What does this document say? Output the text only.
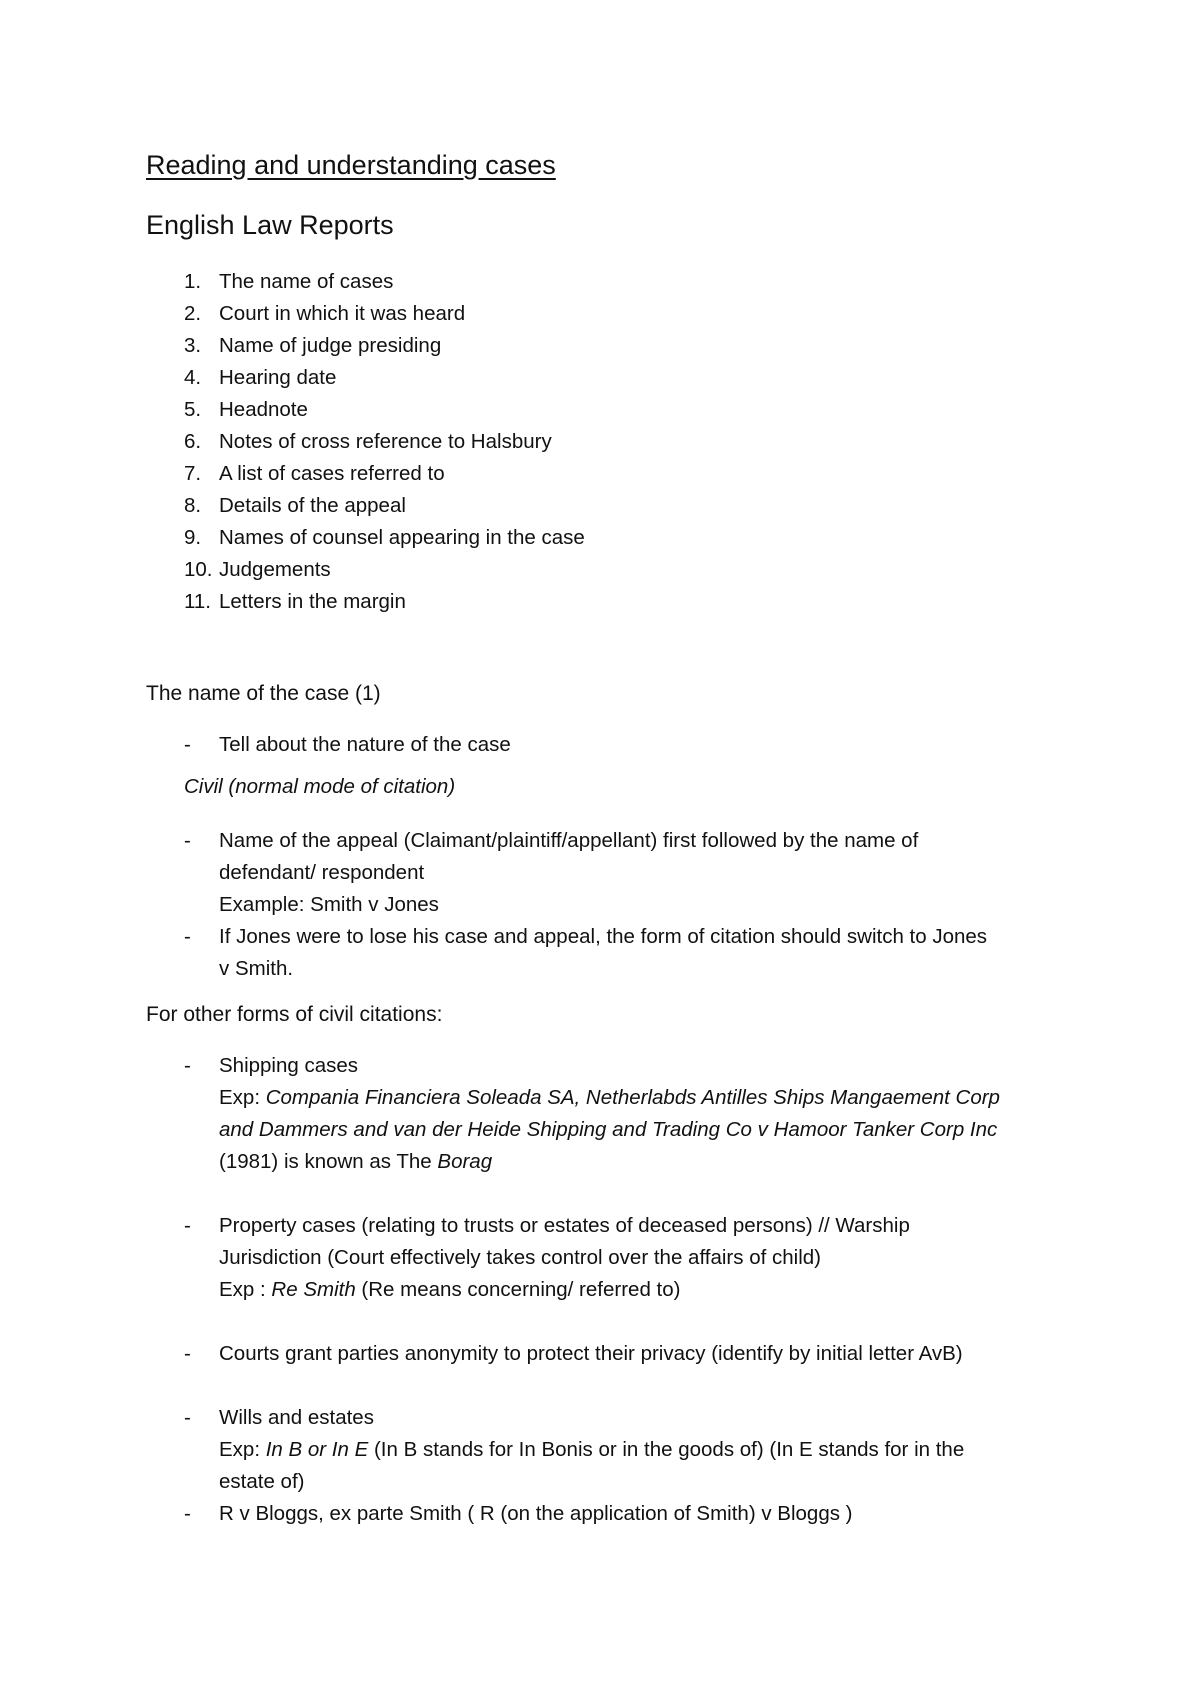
Reading and understanding cases
English Law Reports
1. The name of cases
2. Court in which it was heard
3. Name of judge presiding
4. Hearing date
5. Headnote
6. Notes of cross reference to Halsbury
7. A list of cases referred to
8. Details of the appeal
9. Names of counsel appearing in the case
10. Judgements
11. Letters in the margin
The name of the case (1)
- Tell about the nature of the case
Civil (normal mode of citation)
- Name of the appeal (Claimant/plaintiff/appellant) first followed by the name of
defendant/ respondent
Example: Smith v Jones
- If Jones were to lose his case and appeal, the form of citation should switch to Jones
v Smith.
For other forms of civil citations:
- Shipping cases
Exp: Compania Financiera Soleada SA, Netherlabds Antilles Ships Mangaement Corp
and Dammers and van der Heide Shipping and Trading Co v Hamoor Tanker Corp Inc
(1981) is known as The Borag
- Property cases (relating to trusts or estates of deceased persons) // Warship
Jurisdiction (Court effectively takes control over the affairs of child)
Exp : Re Smith (Re means concerning/ referred to)
- Courts grant parties anonymity to protect their privacy (identify by initial letter AvB)
- Wills and estates
Exp: In B or In E (In B stands for In Bonis or in the goods of) (In E stands for in the
estate of)
- R v Bloggs, ex parte Smith ( R (on the application of Smith) v Bloggs )
